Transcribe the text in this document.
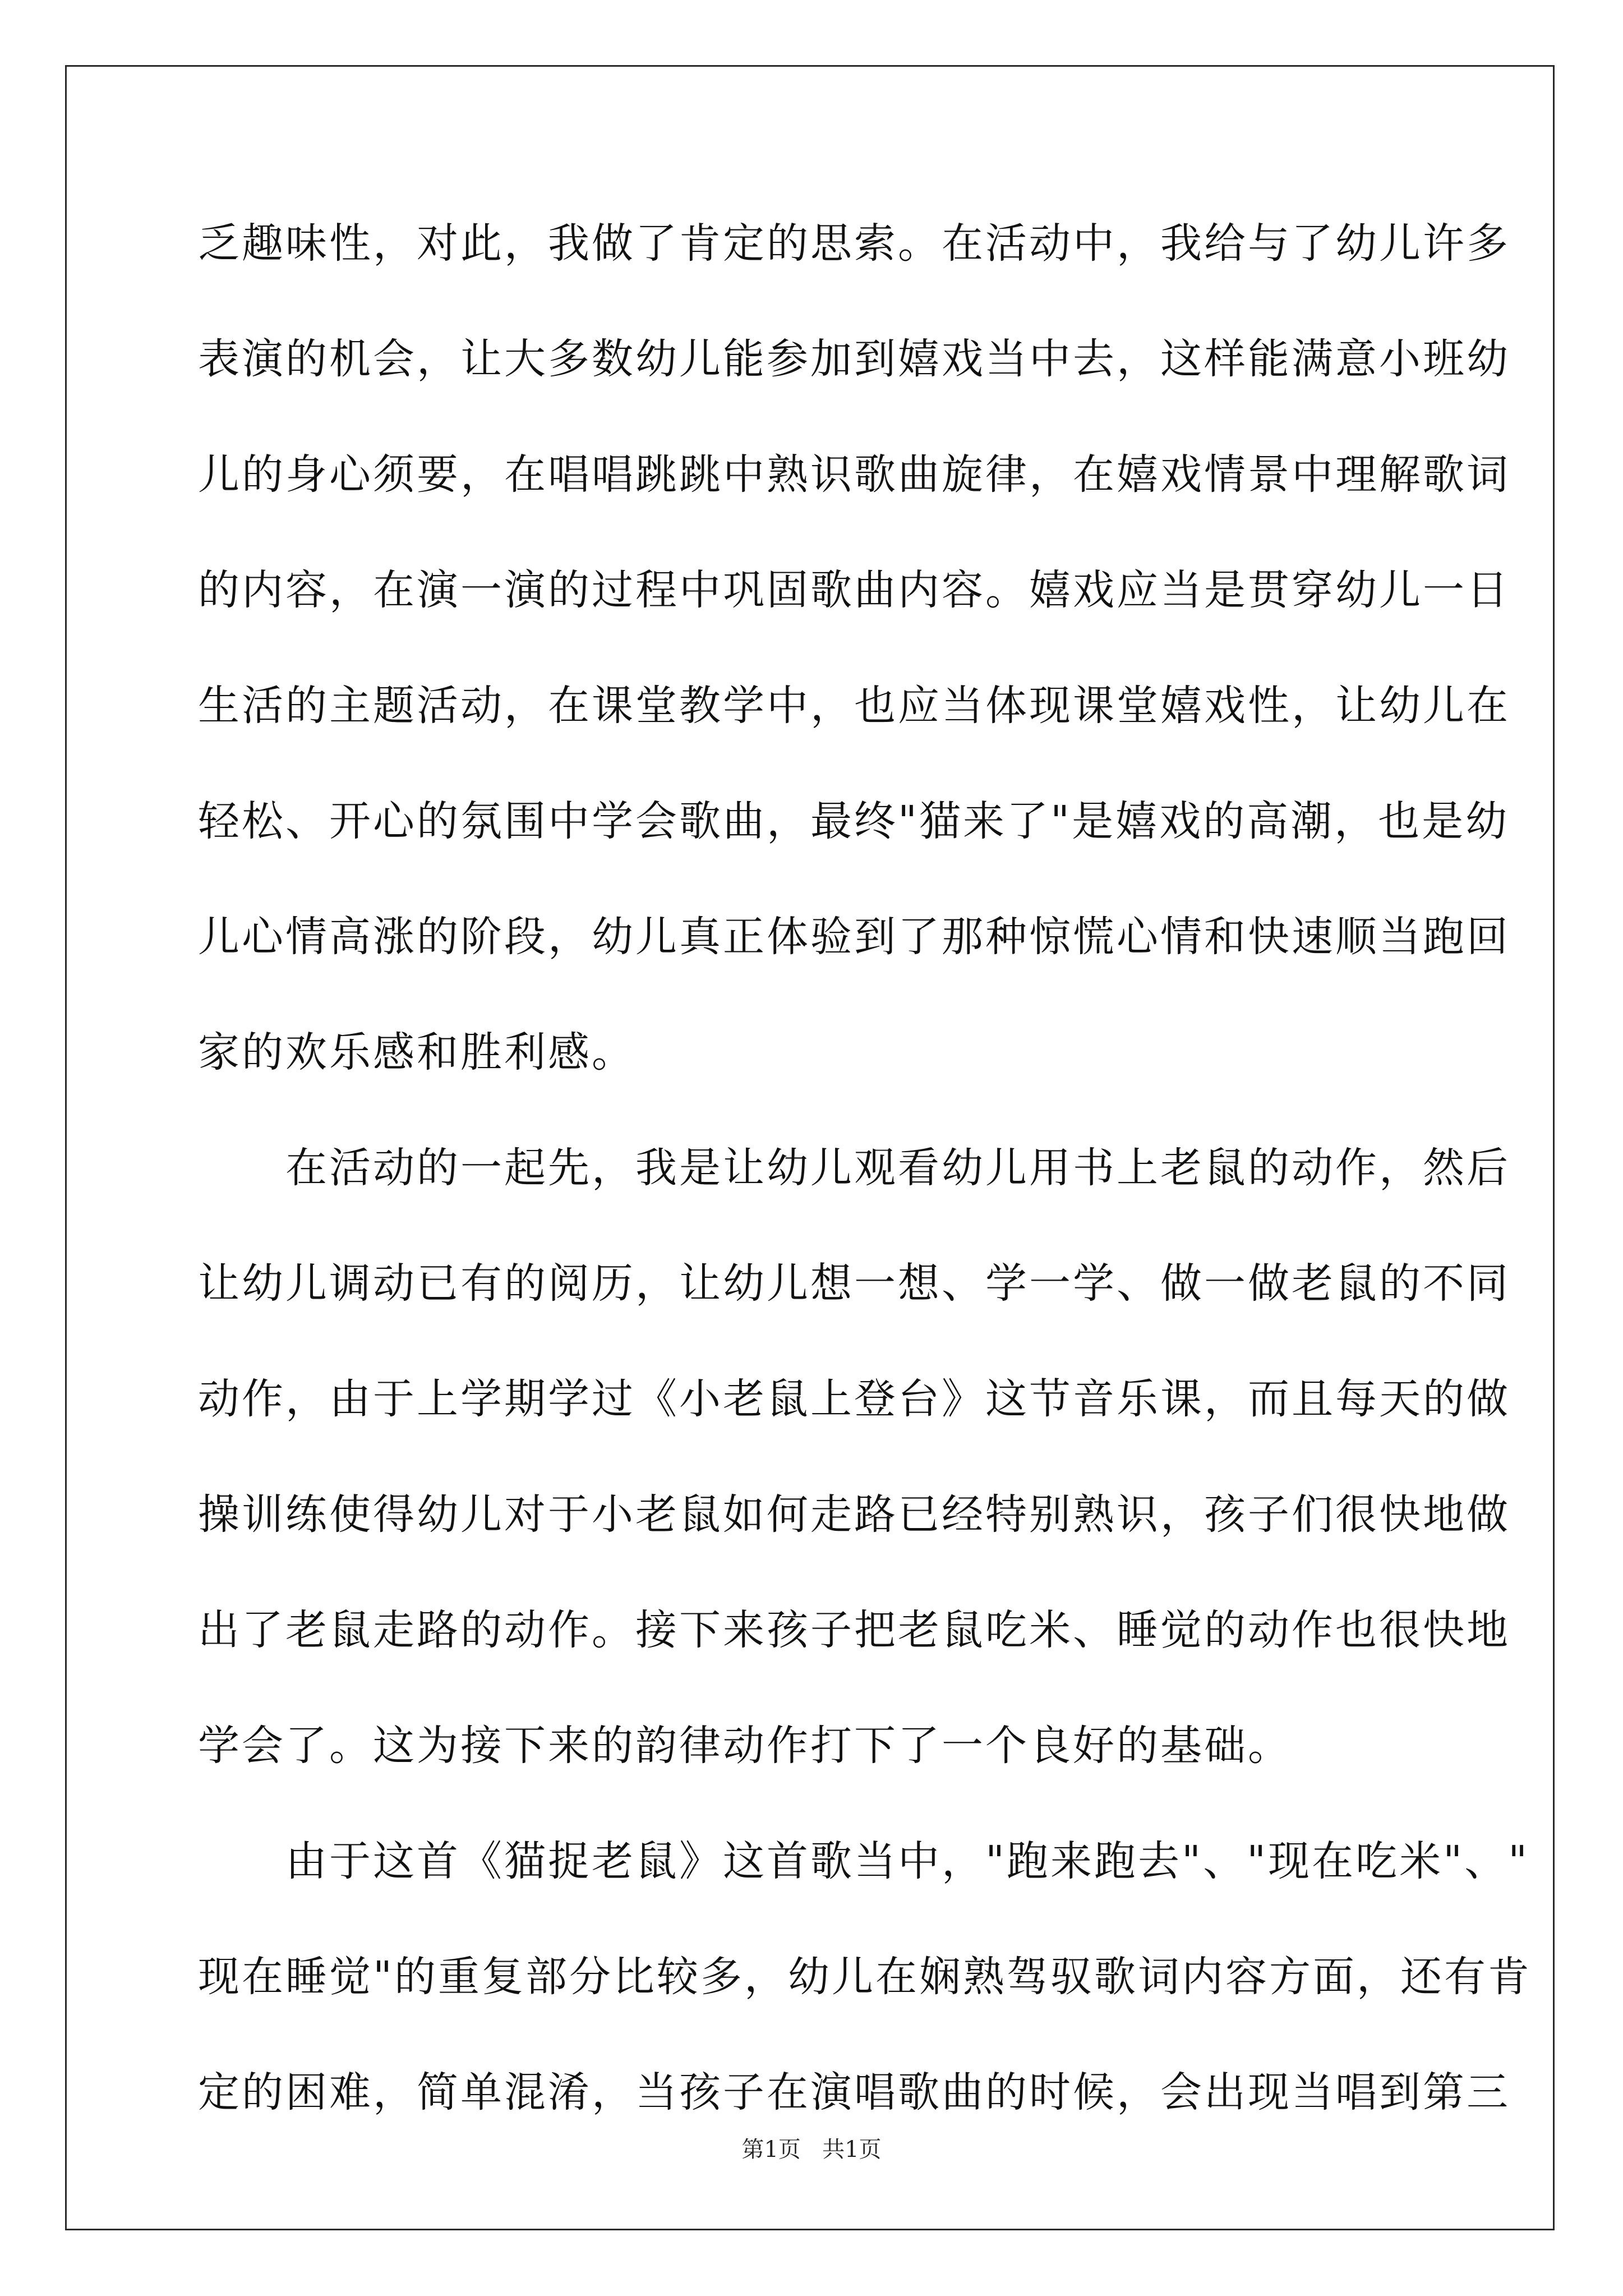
乏趣味性，对此，我做了肯定的思索。在活动中，我给与了幼儿许多
表演的机会，让大多数幼儿能参加到嬉戏当中去，这样能满意小班幼
儿的身心须要，在唱唱跳跳中熟识歌曲旋律，在嬉戏情景中理解歌词
的内容，在演一演的过程中巩固歌曲内容。嬉戏应当是贯穿幼儿一日
生活的主题活动，在课堂教学中，也应当体现课堂嬉戏性，让幼儿在
轻松、开心的氛围中学会歌曲，最终"猫来了"是嬉戏的高潮，也是幼
儿心情高涨的阶段，幼儿真正体验到了那种惊慌心情和快速顺当跑回
家的欢乐感和胜利感。
　　在活动的一起先，我是让幼儿观看幼儿用书上老鼠的动作，然后
让幼儿调动已有的阅历，让幼儿想一想、学一学、做一做老鼠的不同
动作，由于上学期学过《小老鼠上登台》这节音乐课，而且每天的做
操训练使得幼儿对于小老鼠如何走路已经特别熟识，孩子们很快地做
出了老鼠走路的动作。接下来孩子把老鼠吃米、睡觉的动作也很快地
学会了。这为接下来的韵律动作打下了一个良好的基础。
　　由于这首《猫捉老鼠》这首歌当中，"跑来跑去"、"现在吃米"、"
现在睡觉"的重复部分比较多，幼儿在娴熟驾驭歌词内容方面，还有肯
定的困难，简单混淆，当孩子在演唱歌曲的时候，会出现当唱到第三
第1页 共1页
